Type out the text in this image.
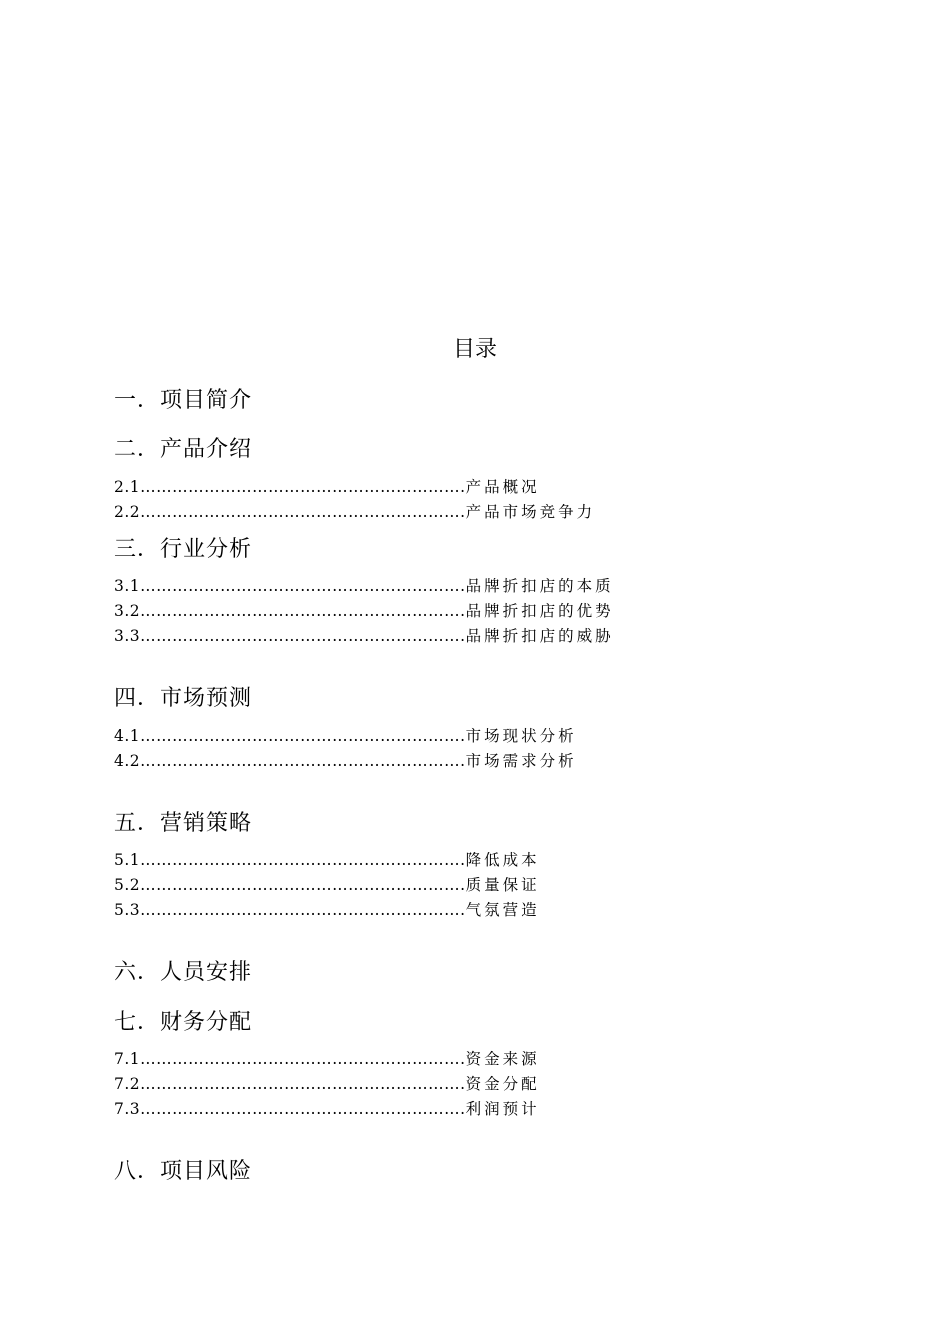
目录
一．项目简介
二．产品介绍
2.1…………………………………………………….产品概况
2.2…………………………………………………….产品市场竞争力
三．行业分析
3.1…………………………………………………….品牌折扣店的本质
3.2…………………………………………………….品牌折扣店的优势
3.3…………………………………………………….品牌折扣店的威胁
四．市场预测
4.1…………………………………………………….市场现状分析
4.2…………………………………………………….市场需求分析
五．营销策略
5.1…………………………………………………….降低成本
5.2…………………………………………………….质量保证
5.3…………………………………………………….气氛营造
六．人员安排
七．财务分配
7.1…………………………………………………….资金来源
7.2…………………………………………………….资金分配
7.3…………………………………………………….利润预计
八．项目风险
